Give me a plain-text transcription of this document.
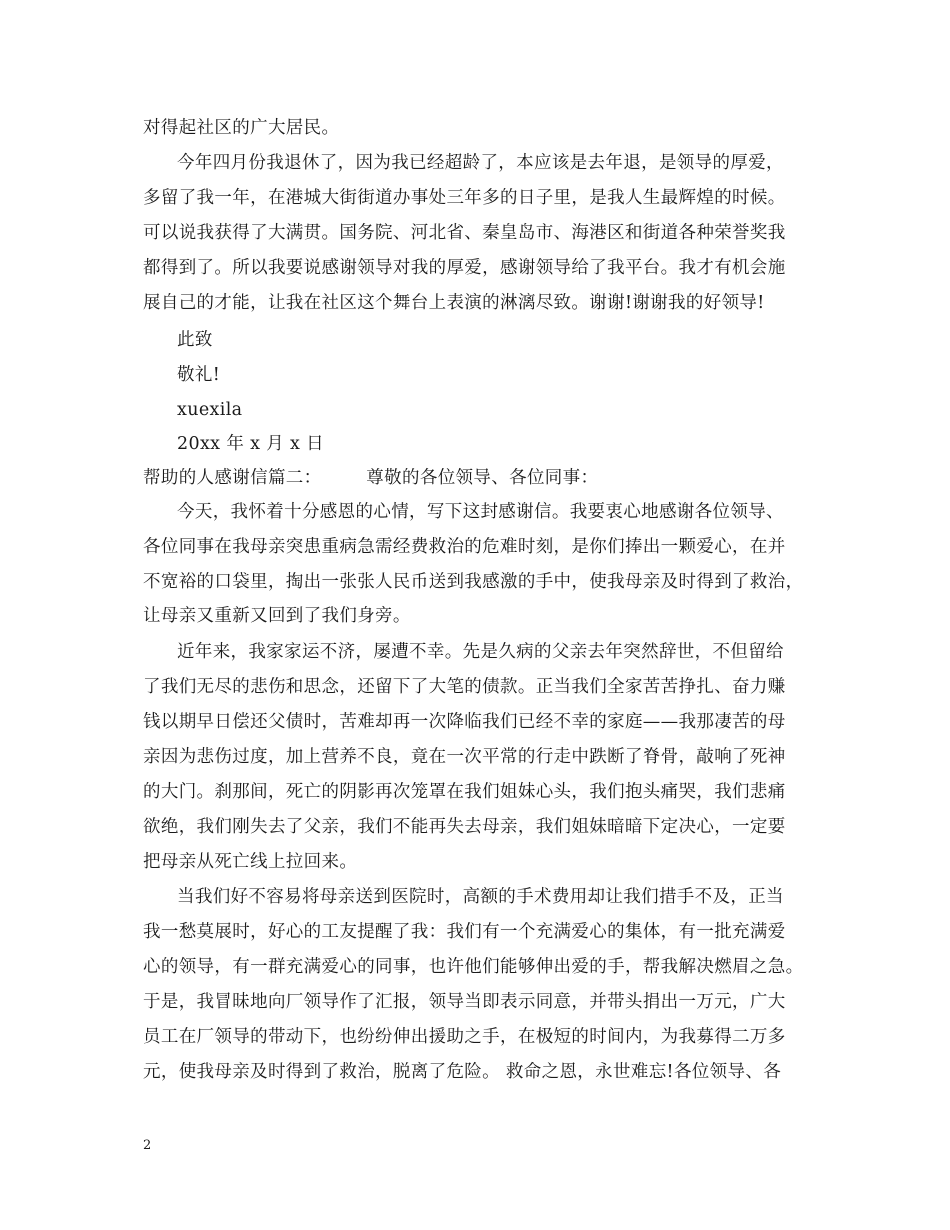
对得起社区的广大居民。
今年四月份我退休了，因为我已经超龄了，本应该是去年退，是领导的厚爱，
多留了我一年，在港城大街街道办事处三年多的日子里，是我人生最辉煌的时候。
可以说我获得了大满贯。国务院、河北省、秦皇岛市、海港区和街道各种荣誉奖我
都得到了。所以我要说感谢领导对我的厚爱，感谢领导给了我平台。我才有机会施
展自己的才能，让我在社区这个舞台上表演的淋漓尽致。谢谢!谢谢我的好领导!
此致
敬礼!
xuexila
20xx 年 x 月 x 日
帮助的人感谢信篇二：　　　尊敬的各位领导、各位同事：
今天，我怀着十分感恩的心情，写下这封感谢信。我要衷心地感谢各位领导、
各位同事在我母亲突患重病急需经费救治的危难时刻，是你们捧出一颗爱心，在并
不宽裕的口袋里，掏出一张张人民币送到我感激的手中，使我母亲及时得到了救治，
让母亲又重新又回到了我们身旁。
近年来，我家家运不济，屡遭不幸。先是久病的父亲去年突然辞世，不但留给
了我们无尽的悲伤和思念，还留下了大笔的债款。正当我们全家苦苦挣扎、奋力赚
钱以期早日偿还父债时，苦难却再一次降临我们已经不幸的家庭——我那凄苦的母
亲因为悲伤过度，加上营养不良，竟在一次平常的行走中跌断了脊骨，敲响了死神
的大门。刹那间，死亡的阴影再次笼罩在我们姐妹心头，我们抱头痛哭，我们悲痛
欲绝，我们刚失去了父亲，我们不能再失去母亲，我们姐妹暗暗下定决心，一定要
把母亲从死亡线上拉回来。
当我们好不容易将母亲送到医院时，高额的手术费用却让我们措手不及，正当
我一愁莫展时，好心的工友提醒了我：我们有一个充满爱心的集体，有一批充满爱
心的领导，有一群充满爱心的同事，也许他们能够伸出爱的手，帮我解决燃眉之急。
于是，我冒昧地向厂领导作了汇报，领导当即表示同意，并带头捐出一万元，广大
员工在厂领导的带动下，也纷纷伸出援助之手，在极短的时间内，为我募得二万多
元，使我母亲及时得到了救治，脱离了危险。 救命之恩，永世难忘!各位领导、各
2
